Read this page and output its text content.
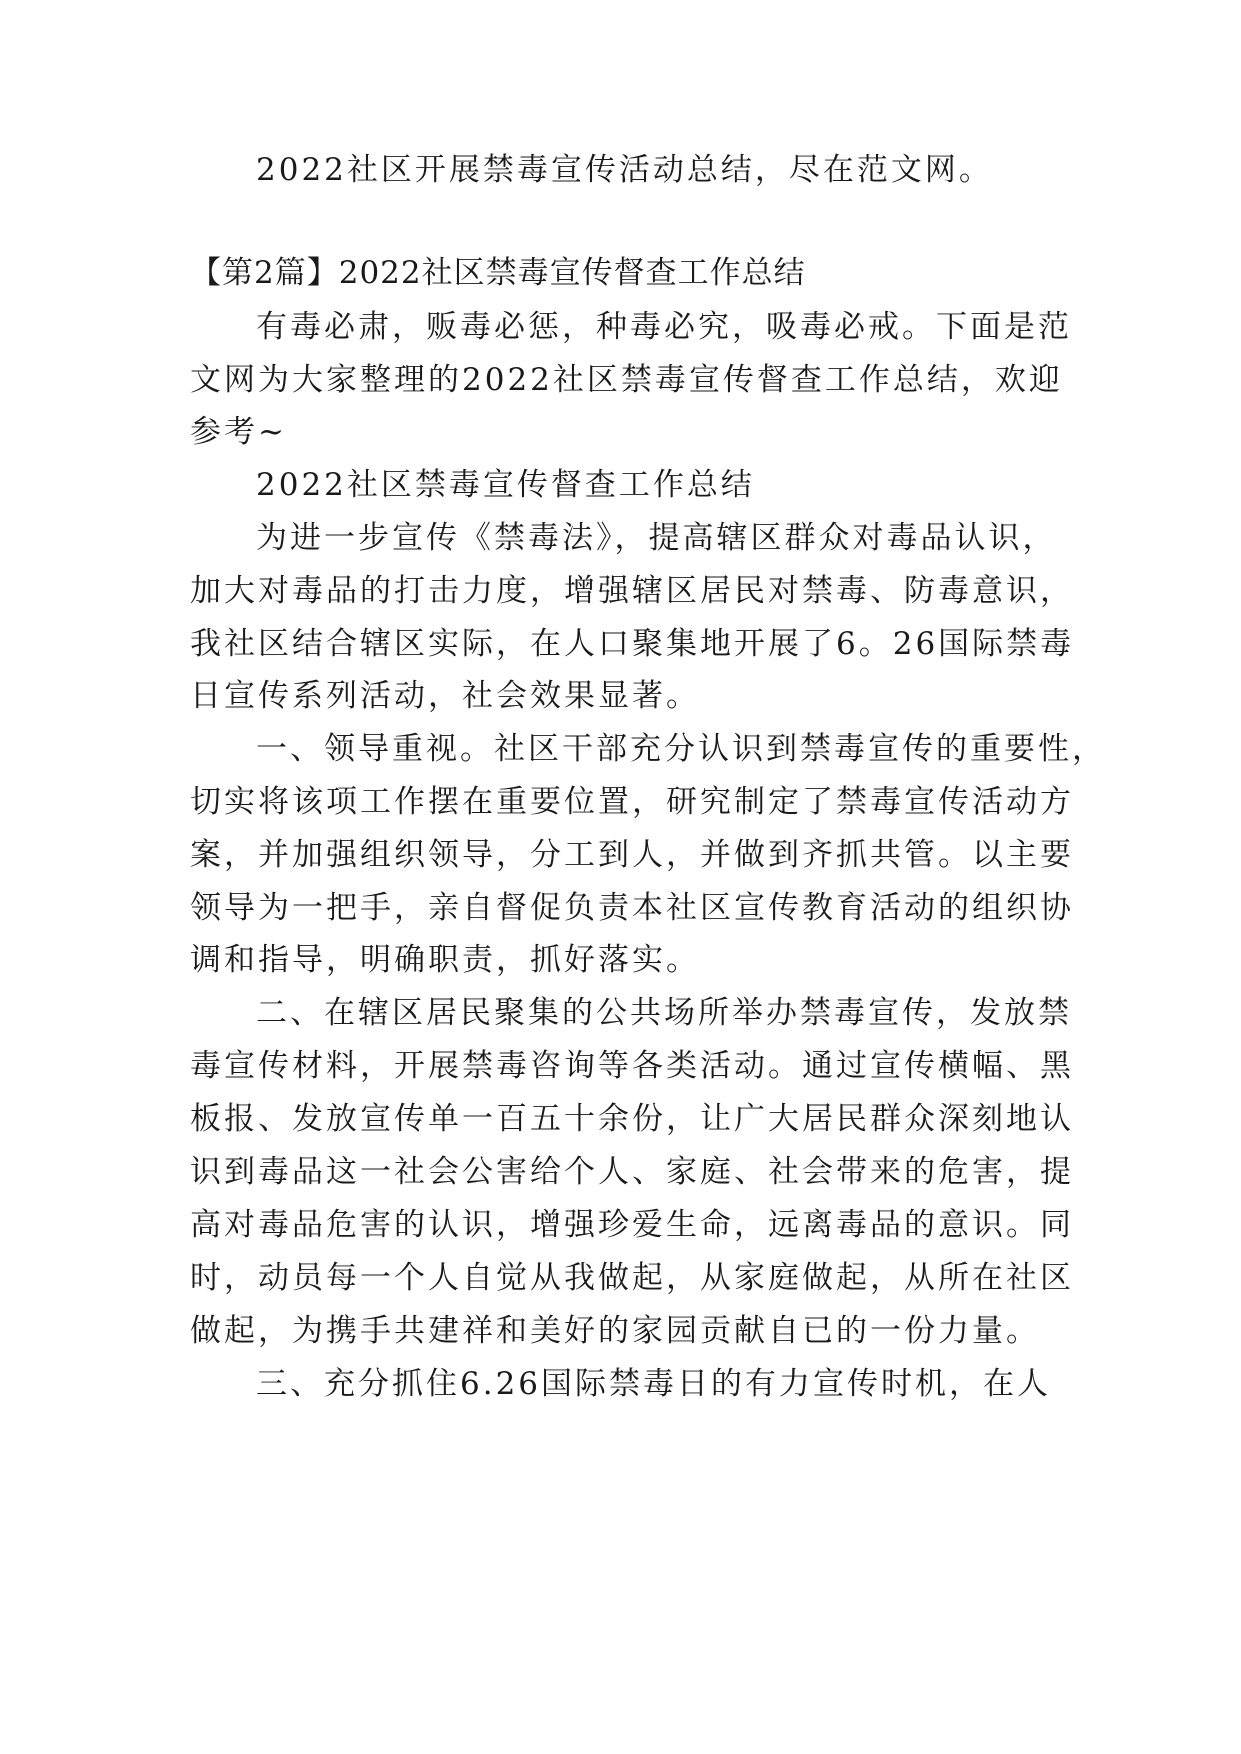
2022社区开展禁毒宣传活动总结，尽在范文网。
【第2篇】2022社区禁毒宣传督查工作总结
有毒必肃，贩毒必惩，种毒必究，吸毒必戒。下面是范
文网为大家整理的2022社区禁毒宣传督查工作总结，欢迎
参考~
2022社区禁毒宣传督查工作总结
为进一步宣传《禁毒法》，提高辖区群众对毒品认识，
加大对毒品的打击力度，增强辖区居民对禁毒、防毒意识，
我社区结合辖区实际，在人口聚集地开展了6。26国际禁毒
日宣传系列活动，社会效果显著。
一、领导重视。社区干部充分认识到禁毒宣传的重要性，
切实将该项工作摆在重要位置，研究制定了禁毒宣传活动方
案，并加强组织领导，分工到人，并做到齐抓共管。以主要
领导为一把手，亲自督促负责本社区宣传教育活动的组织协
调和指导，明确职责，抓好落实。
二、在辖区居民聚集的公共场所举办禁毒宣传，发放禁
毒宣传材料，开展禁毒咨询等各类活动。通过宣传横幅、黑
板报、发放宣传单一百五十余份，让广大居民群众深刻地认
识到毒品这一社会公害给个人、家庭、社会带来的危害，提
高对毒品危害的认识，增强珍爱生命，远离毒品的意识。同
时，动员每一个人自觉从我做起，从家庭做起，从所在社区
做起，为携手共建祥和美好的家园贡献自已的一份力量。
三、充分抓住6.26国际禁毒日的有力宣传时机，在人
